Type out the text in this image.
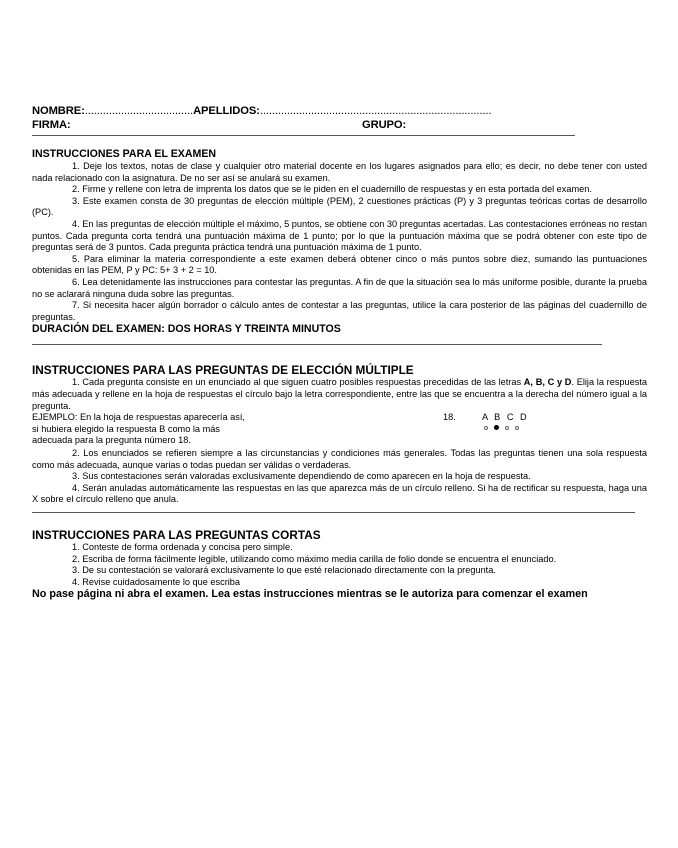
NOMBRE:....................................APELLIDOS:.............................................................................
FIRMA:	GRUPO:
INSTRUCCIONES PARA EL EXAMEN

1. Deje los textos, notas de clase y cualquier otro material docente en los lugares asignados para ello; es decir, no debe tener con usted nada relacionado con la asignatura. De no ser así se anulará su examen.

2. Firme y rellene con letra de imprenta los datos que se le piden en el cuadernillo de respuestas y en esta portada del examen.

3. Este examen consta de 30 preguntas de elección múltiple (PEM), 2 cuestiones prácticas (P) y 3 preguntas teóricas cortas de desarrollo (PC).

4. En las preguntas de elección múltiple el máximo, 5 puntos, se obtiene con 30 preguntas acertadas. Las contestaciones erróneas no restan puntos. Cada pregunta corta tendrá una puntuación máxima de 1 punto; por lo que la puntuación máxima que se podrá obtener con este tipo de preguntas será de 3 puntos. Cada pregunta práctica tendrá una puntuación máxima de 1 punto.

5. Para eliminar la materia correspondiente a este examen deberá obtener cinco o más puntos sobre diez, sumando las puntuaciones obtenidas en las PEM, P y PC: 5+ 3 + 2 = 10.

6. Lea detenidamente las instrucciones para contestar las preguntas. A fin de que la situación sea lo más uniforme posible, durante la prueba no se aclarará ninguna duda sobre las preguntas.

7. Si necesita hacer algún borrador o cálculo antes de contestar a las preguntas, utilice la cara posterior de las páginas del cuadernillo de preguntas.

DURACIÓN DEL EXAMEN: DOS HORAS Y TREINTA MINUTOS
INSTRUCCIONES PARA LAS PREGUNTAS DE ELECCIÓN MÚLTIPLE

1. Cada pregunta consiste en un enunciado al que siguen cuatro posibles respuestas precedidas de las letras A, B, C y D. Elija la respuesta más adecuada y rellene en la hoja de respuestas el círculo bajo la letra correspondiente, entre las que se encuentra a la derecha del número igual a la pregunta.

EJEMPLO: En la hoja de respuestas aparecería así,
si hubiera elegido la respuesta B como la más
adecuada para la pregunta número 18.
18.	A B C D

2. Los enunciados se refieren siempre a las circunstancias y condiciones más generales. Todas las preguntas tienen una sola respuesta como más adecuada, aunque varias o todas puedan ser válidas o verdaderas.

3. Sus contestaciones serán valoradas exclusivamente dependiendo de como aparecen en la hoja de respuesta.

4. Serán anuladas automáticamente las respuestas en las que aparezca más de un círculo relleno. Si ha de rectificar su respuesta, haga una X sobre el círculo relleno que anula.

INSTRUCCIONES PARA LAS PREGUNTAS CORTAS

1. Conteste de forma ordenada y concisa pero simple.

2. Escriba de forma fácilmente legible, utilizando como máximo media carilla de folio donde se encuentra el enunciado.

3. De su contestación se valorará exclusivamente lo que esté relacionado directamente con la pregunta.

4. Revise cuidadosamente lo que escriba

No pase página ni abra el examen. Lea estas instrucciones mientras se le autoriza para comenzar el examen
